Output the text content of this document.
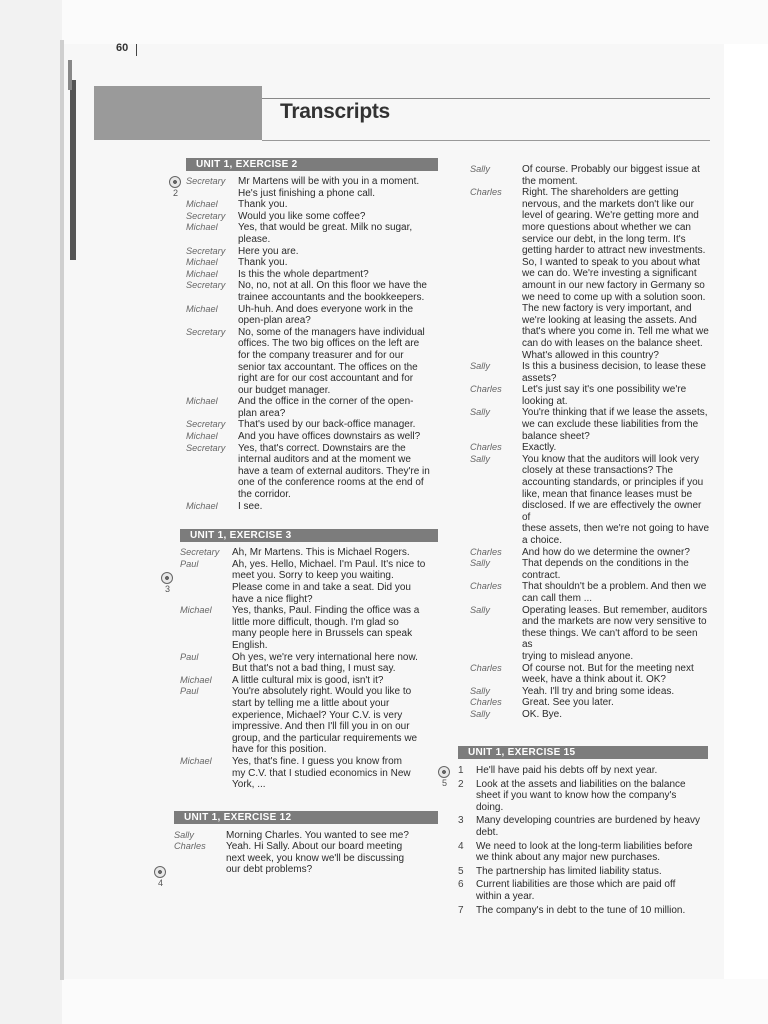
60
Transcripts
UNIT 1, EXERCISE 2
Secretary	Mr Martens will be with you in a moment.
He's just finishing a phone call.
Michael	Thank you.
Secretary	Would you like some coffee?
Michael	Yes, that would be great. Milk no sugar,
please.
Secretary	Here you are.
Michael	Thank you.
Michael	Is this the whole department?
Secretary	No, no, not at all. On this floor we have the
trainee accountants and the bookkeepers.
Michael	Uh-huh. And does everyone work in the
open-plan area?
Secretary	No, some of the managers have individual
offices. The two big offices on the left are
for the company treasurer and for our
senior tax accountant. The offices on the
right are for our cost accountant and for
our budget manager.
Michael	And the office in the corner of the open-
plan area?
Secretary	That's used by our back-office manager.
Michael	And you have offices downstairs as well?
Secretary	Yes, that's correct. Downstairs are the
internal auditors and at the moment we
have a team of external auditors. They're in
one of the conference rooms at the end of
the corridor.
Michael	I see.
UNIT 1, EXERCISE 3
Secretary	Ah, Mr Martens. This is Michael Rogers.
Paul	Ah, yes. Hello, Michael. I'm Paul. It's nice to
meet you. Sorry to keep you waiting.
Please come in and take a seat. Did you
have a nice flight?
Michael	Yes, thanks, Paul. Finding the office was a
little more difficult, though. I'm glad so
many people here in Brussels can speak
English.
Paul	Oh yes, we're very international here now.
But that's not a bad thing, I must say.
Michael	A little cultural mix is good, isn't it?
Paul	You're absolutely right. Would you like to
start by telling me a little about your
experience, Michael? Your C.V. is very
impressive. And then I'll fill you in on our
group, and the particular requirements we
have for this position.
Michael	Yes, that's fine. I guess you know from
my C.V. that I studied economics in New
York, ...
UNIT 1, EXERCISE 12
Sally	Morning Charles. You wanted to see me?
Charles	Yeah. Hi Sally. About our board meeting
next week, you know we'll be discussing
our debt problems?
2
3
4
5
Sally	Of course. Probably our biggest issue at
the moment.
Charles	Right. The shareholders are getting
nervous, and the markets don't like our
level of gearing. We're getting more and
more questions about whether we can
service our debt, in the long term. It's
getting harder to attract new investments.
So, I wanted to speak to you about what
we can do. We're investing a significant
amount in our new factory in Germany so
we need to come up with a solution soon.
The new factory is very important, and
we're looking at leasing the assets. And
that's where you come in. Tell me what we
can do with leases on the balance sheet.
What's allowed in this country?
Sally	Is this a business decision, to lease these
assets?
Charles	Let's just say it's one possibility we're
looking at.
Sally	You're thinking that if we lease the assets,
we can exclude these liabilities from the
balance sheet?
Charles	Exactly.
Sally	You know that the auditors will look very
closely at these transactions? The
accounting standards, or principles if you
like, mean that finance leases must be
disclosed. If we are effectively the owner of
these assets, then we're not going to have
a choice.
Charles	And how do we determine the owner?
Sally	That depends on the conditions in the
contract.
Charles	That shouldn't be a problem. And then we
can call them ...
Sally	Operating leases. But remember, auditors
and the markets are now very sensitive to
these things. We can't afford to be seen as
trying to mislead anyone.
Charles	Of course not. But for the meeting next
week, have a think about it. OK?
Sally	Yeah. I'll try and bring some ideas.
Charles	Great. See you later.
Sally	OK. Bye.
UNIT 1, EXERCISE 15
1	He'll have paid his debts off by next year.
2	Look at the assets and liabilities on the balance
sheet if you want to know how the company's
doing.
3	Many developing countries are burdened by heavy
debt.
4	We need to look at the long-term liabilities before
we think about any major new purchases.
5	The partnership has limited liability status.
6	Current liabilities are those which are paid off
within a year.
7	The company's in debt to the tune of 10 million.
